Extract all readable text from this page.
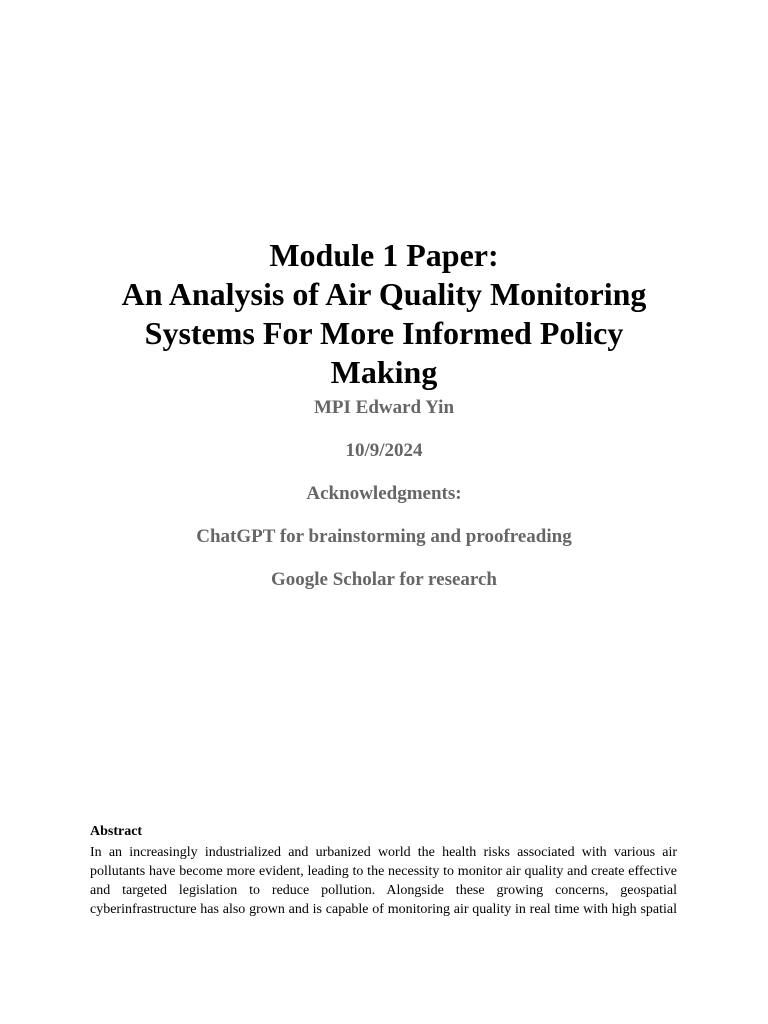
Module 1 Paper:
An Analysis of Air Quality Monitoring
Systems For More Informed Policy
Making
MPI Edward Yin
10/9/2024
Acknowledgments:
ChatGPT for brainstorming and proofreading
Google Scholar for research
Abstract

In an increasingly industrialized and urbanized world the health risks associated with various air
pollutants have become more evident, leading to the necessity to monitor air quality and create effective
and targeted legislation to reduce pollution. Alongside these growing concerns, geospatial
cyberinfrastructure has also grown and is capable of monitoring air quality in real time with high spatial
